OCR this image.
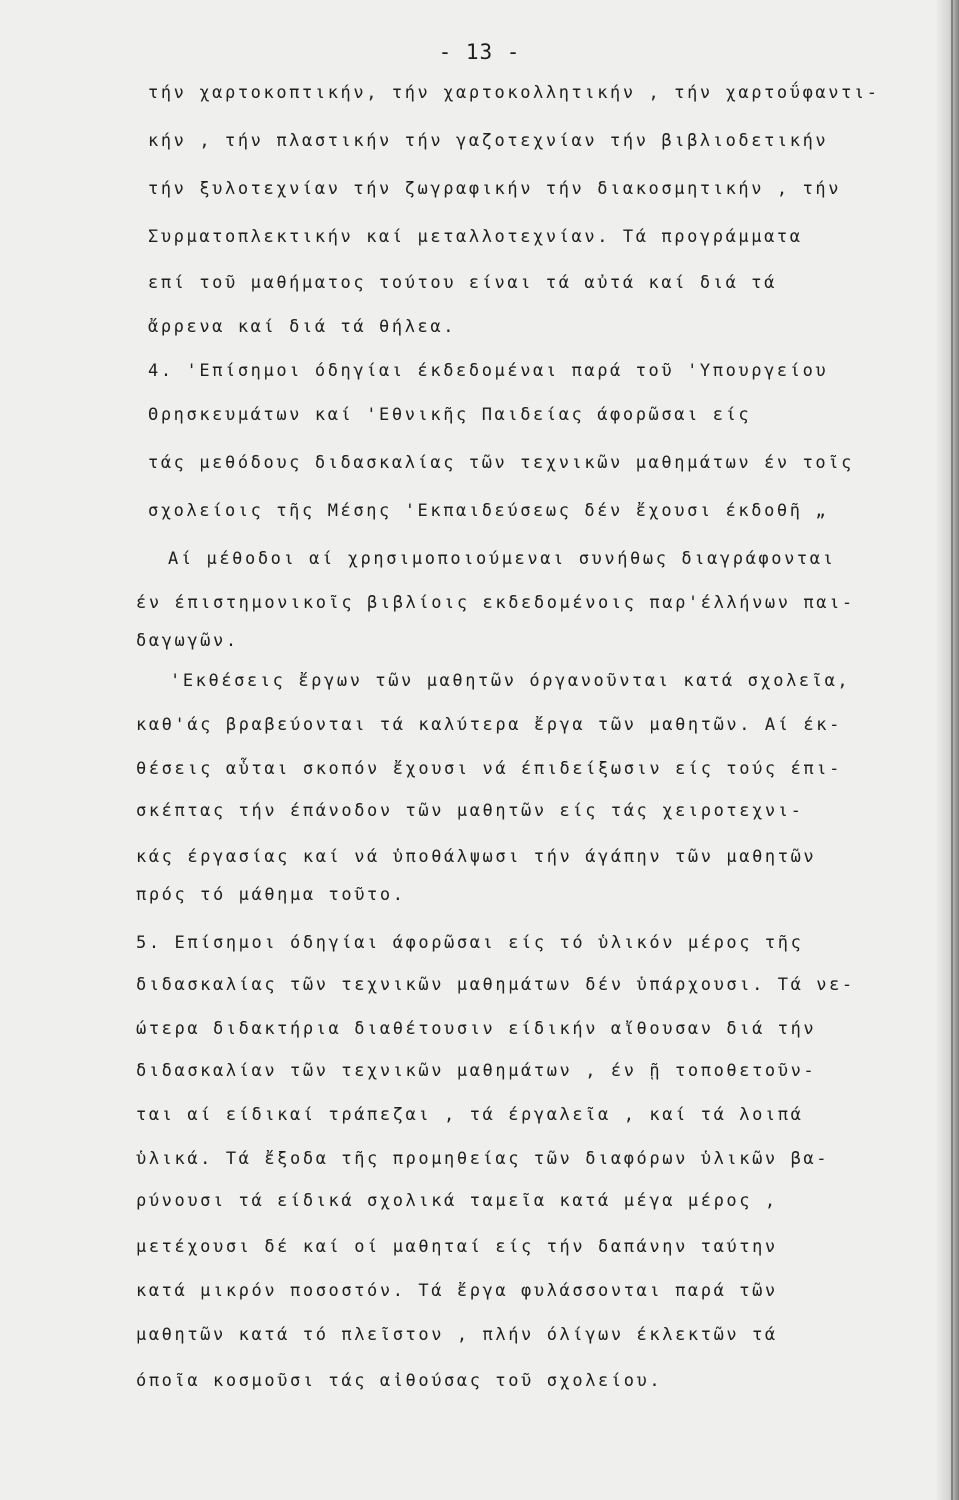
- 13 -
τήν χαρτοκοπτικήν, τήν χαρτοκολλητικήν , τήν χαρτοΰφαντι-
κήν , τήν πλαστικήν τήν γαζοτεχνίαν τήν βιβλιοδετικήν
τήν ξυλοτεχνίαν τήν ζωγραφικήν τήν διακοσμητικήν , τήν
Συρματοπλεκτικήν καί μεταλλοτεχνίαν. Τά προγράμματα
επί τοῦ μαθήματος τούτου είναι τά αὐτά καί διά τά
ἄρρενα καί διά τά θήλεα.
4. 'Επίσημοι όδηγίαι έκδεδομέναι παρά τοῦ 'Υπουργείου
Θρησκευμάτων καί 'Εθνικῆς Παιδείας άφορῶσαι είς
τάς μεθόδους διδασκαλίας τῶν τεχνικῶν μαθημάτων έν τοῖς
σχολείοις τῆς Μέσης 'Εκπαιδεύσεως δέν ἔχουσι έκδοθῆ „
Αί μέθοδοι αί χρησιμοποιούμεναι συνήθως διαγράφονται
έν έπιστημονικοῖς βιβλίοις εκδεδομένοις παρ'έλλήνων παι-
δαγωγῶν.
'Εκθέσεις ἔργων τῶν μαθητῶν όργανοῦνται κατά σχολεῖα,
καθ'άς βραβεύονται τά καλύτερα ἔργα τῶν μαθητῶν. Αί έκ-
θέσεις αὗται σκοπόν ἔχουσι νά έπιδείξωσιν είς τούς έπι-
σκέπτας τήν έπάνοδον τῶν μαθητῶν είς τάς χειροτεχνι-
κάς έργασίας καί νά ὑποθάλψωσι τήν άγάπην τῶν μαθητῶν
πρός τό μάθημα τοῦτο.
5. Επίσημοι όδηγίαι άφορῶσαι είς τό ὑλικόν μέρος τῆς
διδασκαλίας τῶν τεχνικῶν μαθημάτων δέν ὑπάρχουσι. Τά νε-
ώτερα διδακτήρια διαθέτουσιν είδικήν αἴθουσαν διά τήν
διδασκαλίαν τῶν τεχνικῶν μαθημάτων , έν ῇ τοποθετοῦν-
ται αί είδικαί τράπεζαι , τά έργαλεῖα , καί τά λοιπά
ὑλικά. Τά ἔξοδα τῆς προμηθείας τῶν διαφόρων ὑλικῶν βα-
ρύνουσι τά είδικά σχολικά ταμεῖα κατά μέγα μέρος ,
μετέχουσι δέ καί οί μαθηταί είς τήν δαπάνην ταύτην
κατά μικρόν ποσοστόν. Τά ἔργα φυλάσσονται παρά τῶν
μαθητῶν κατά τό πλεῖστον , πλήν όλίγων έκλεκτῶν τά
όποῖα κοσμοῦσι τάς αἰθούσας τοῦ σχολείου.
